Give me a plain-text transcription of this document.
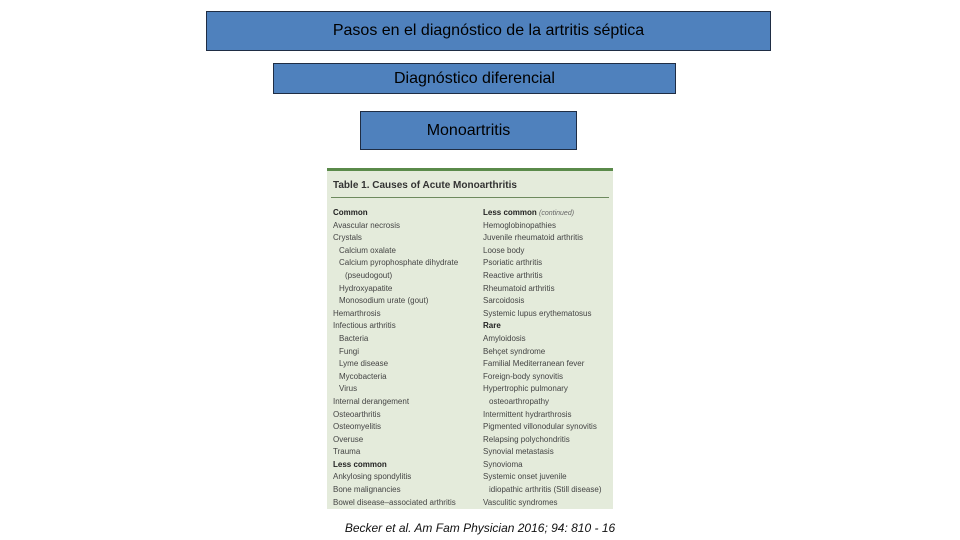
Pasos en el diagnóstico de la artritis séptica
Diagnóstico diferencial
Monoartritis
Table 1. Causes of Acute Monoarthritis
Common
Avascular necrosis
Crystals
Calcium oxalate
Calcium pyrophosphate dihydrate
(pseudogout)
Hydroxyapatite
Monosodium urate (gout)
Hemarthrosis
Infectious arthritis
Bacteria
Fungi
Lyme disease
Mycobacteria
Virus
Internal derangement
Osteoarthritis
Osteomyelitis
Overuse
Trauma
Less common
Ankylosing spondylitis
Bone malignancies
Bowel disease–associated arthritis
Less common (continued)
Hemoglobinopathies
Juvenile rheumatoid arthritis
Loose body
Psoriatic arthritis
Reactive arthritis
Rheumatoid arthritis
Sarcoidosis
Systemic lupus erythematosus
Rare
Amyloidosis
Behçet syndrome
Familial Mediterranean fever
Foreign-body synovitis
Hypertrophic pulmonary
osteoarthropathy
Intermittent hydrarthrosis
Pigmented villonodular synovitis
Relapsing polychondritis
Synovial metastasis
Synovioma
Systemic onset juvenile
idiopathic arthritis (Still disease)
Vasculitic syndromes
Becker et al. Am Fam Physician 2016; 94: 810 - 16
